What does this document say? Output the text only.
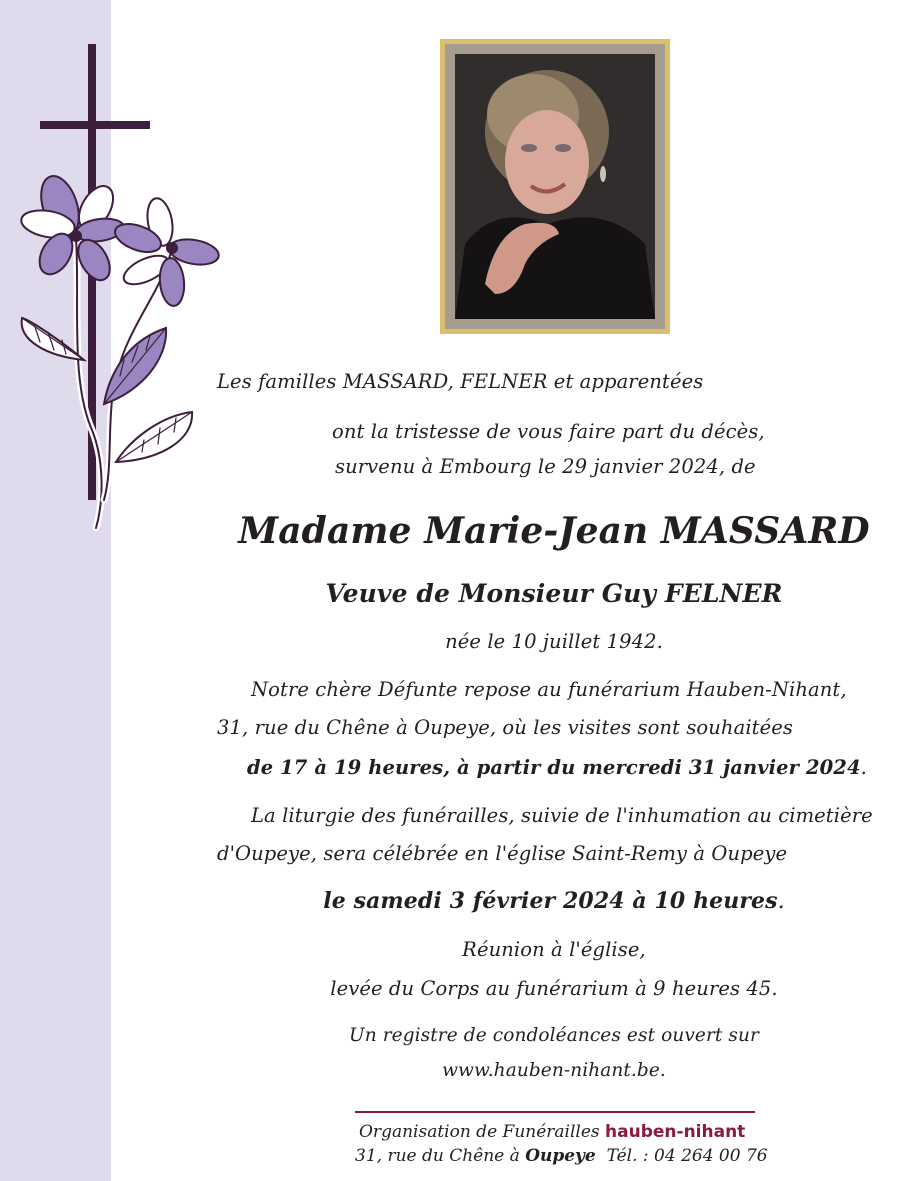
Les familles MASSARD, FELNER et apparentées
ont la tristesse de vous faire part du décès,
survenu à Embourg le 29 janvier 2024, de
Madame Marie-Jean MASSARD
Veuve de Monsieur Guy FELNER
née le 10 juillet 1942.
Notre chère Défunte repose au funérarium Hauben-Nihant,
31, rue du Chêne à Oupeye, où les visites sont souhaitées
de 17 à 19 heures, à partir du mercredi 31 janvier 2024.
La liturgie des funérailles, suivie de l'inhumation au cimetière
d'Oupeye, sera célébrée en l'église Saint-Remy à Oupeye
le samedi 3 février 2024 à 10 heures.
Réunion à l'église,
levée du Corps au funérarium à 9 heures 45.
Un registre de condoléances est ouvert sur
www.hauben-nihant.be.
Organisation de Funérailles hauben-nihant
31, rue du Chêne à Oupeye Tél. : 04 264 00 76
